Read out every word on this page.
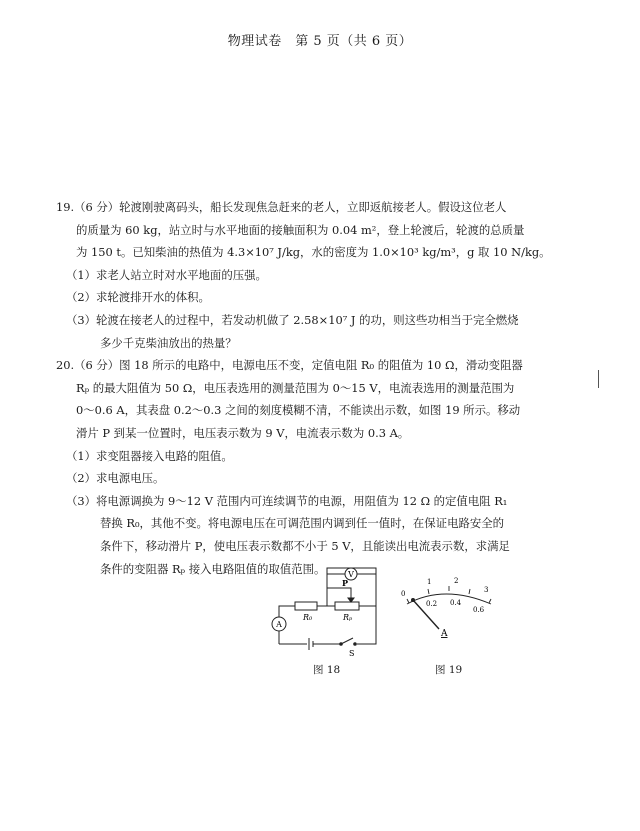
物理试卷　第 5 页（共 6 页）
19.（6 分）轮渡刚驶离码头，船长发现焦急赶来的老人，立即返航接老人。假设这位老人
的质量为 60 kg，站立时与水平地面的接触面积为 0.04 m²，登上轮渡后，轮渡的总质量
为 150 t。已知柴油的热值为 4.3×10⁷ J/kg，水的密度为 1.0×10³ kg/m³，g 取 10 N/kg。
（1）求老人站立时对水平地面的压强。
（2）求轮渡排开水的体积。
（3）轮渡在接老人的过程中，若发动机做了 2.58×10⁷ J 的功，则这些功相当于完全燃烧
多少千克柴油放出的热量？
20.（6 分）图 18 所示的电路中，电源电压不变，定值电阻 R₀ 的阻值为 10 Ω，滑动变阻器
Rₚ 的最大阻值为 50 Ω，电压表选用的测量范围为 0～15 V，电流表选用的测量范围为
0～0.6 A，其表盘 0.2～0.3 之间的刻度模糊不清，不能读出示数，如图 19 所示。移动
滑片 P 到某一位置时，电压表示数为 9 V，电流表示数为 0.3 A。
（1）求变阻器接入电路的阻值。
（2）求电源电压。
（3）将电源调换为 9～12 V 范围内可连续调节的电源，用阻值为 12 Ω 的定值电阻 R₁
替换 R₀，其他不变。将电源电压在可调范围内调到任一值时，在保证电路安全的
条件下，移动滑片 P，使电压表示数都不小于 5 V，且能读出电流表示数，求满足
条件的变阻器 Rₚ 接入电路阻值的取值范围。	V
A
R₀	Rₚ
P
S
图 18
0
1	2
3
0.2 0.4
0.6
A
图 19
